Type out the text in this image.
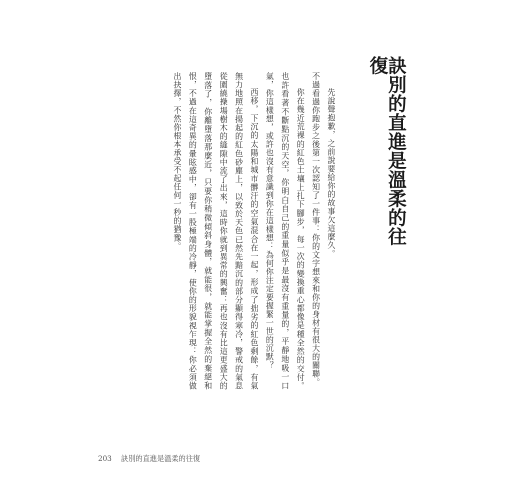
訣別的直進是溫柔的往復

先說聲抱歉，之前說要給你的故事欠這麼久。

不過看過你跑步之後第一次認知了一件事：你的文字想來和你的身材有很大的關聯。

你在幾近荒裸的紅色土壤上扎下腳步，每一次的變換重心都像是種全然的交付。也許看著不斷點沉的天空，你明白自己的重量似乎是最沒有重量的，平靜地吸一口氣，你這樣想，或許也沒有意識到你在這樣想：為何你注定要握緊一世的沉默？

西移，下沉的太陽和城市髒汙的空氣混合在一起，形成了拙劣的紅色剩餘，有氣無力地照在揚起的紅色砂塵上，以致於天色已然先黯沉的部分顯得寒冷，警戒的氣息從圍繞操場樹木的縫隙中流了出來，這時你就到異常的興奮：再也沒有比這更盛大的墮落了，你離墮落那麼近，只要你稍微傾斜身體，就能很，就能掌握全然的棄絕和恨，不過在這奇異的暈眩感中，卻有一股極端的冷靜，使你的形貌視乍現：你必須做出抉擇，不然你根本承受不起任何一秒的猶豫。

203 訣別的直進是溫柔的往復
